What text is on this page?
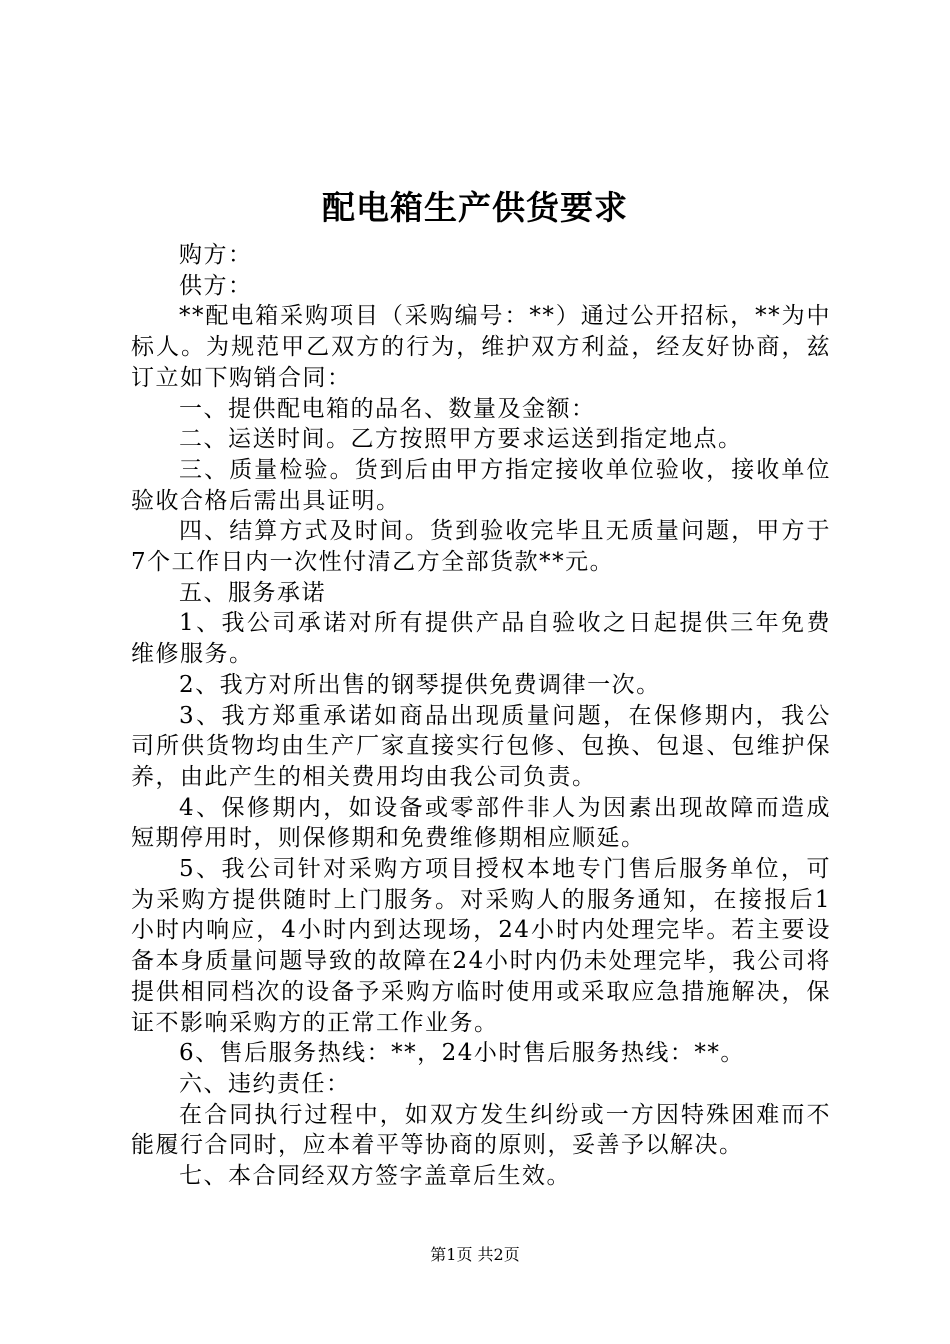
配电箱生产供货要求

购方：

供方：

**配电箱采购项目（采购编号：**）通过公开招标，**为中标人。为规范甲乙双方的行为，维护双方利益，经友好协商，兹订立如下购销合同：

一、提供配电箱的品名、数量及金额：

二、运送时间。乙方按照甲方要求运送到指定地点。

三、质量检验。货到后由甲方指定接收单位验收，接收单位验收合格后需出具证明。

四、结算方式及时间。货到验收完毕且无质量问题，甲方于7个工作日内一次性付清乙方全部货款**元。

五、服务承诺

1、我公司承诺对所有提供产品自验收之日起提供三年免费维修服务。

2、我方对所出售的钢琴提供免费调律一次。

3、我方郑重承诺如商品出现质量问题，在保修期内，我公司所供货物均由生产厂家直接实行包修、包换、包退、包维护保养，由此产生的相关费用均由我公司负责。

4、保修期内，如设备或零部件非人为因素出现故障而造成短期停用时，则保修期和免费维修期相应顺延。

5、我公司针对采购方项目授权本地专门售后服务单位，可为采购方提供随时上门服务。对采购人的服务通知，在接报后1小时内响应，4小时内到达现场，24小时内处理完毕。若主要设备本身质量问题导致的故障在24小时内仍未处理完毕，我公司将提供相同档次的设备予采购方临时使用或采取应急措施解决，保证不影响采购方的正常工作业务。

6、售后服务热线：**，24小时售后服务热线：**。

六、违约责任：

在合同执行过程中，如双方发生纠纷或一方因特殊困难而不能履行合同时，应本着平等协商的原则，妥善予以解决。

七、本合同经双方签字盖章后生效。

第1页 共2页
